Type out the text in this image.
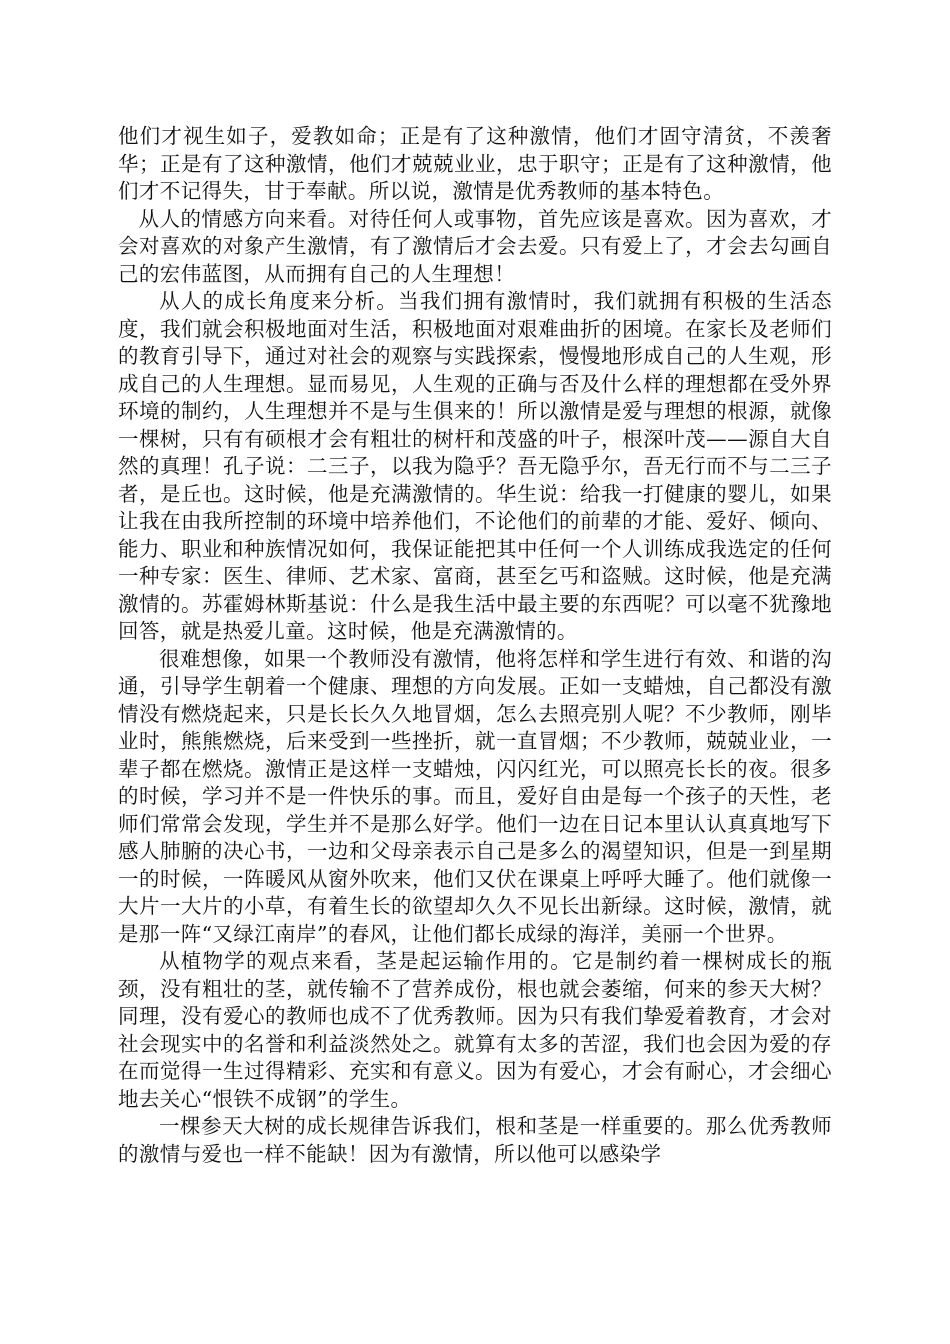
他们才视生如子，爱教如命；正是有了这种激情，他们才固守清贫，不羡奢华；正是有了这种激情，他们才兢兢业业，忠于职守；正是有了这种激情，他们才不记得失，甘于奉献。所以说，激情是优秀教师的基本特色。

从人的情感方向来看。对待任何人或事物，首先应该是喜欢。因为喜欢，才会对喜欢的对象产生激情，有了激情后才会去爱。只有爱上了，才会去勾画自己的宏伟蓝图，从而拥有自己的人生理想！

从人的成长角度来分析。当我们拥有激情时，我们就拥有积极的生活态度，我们就会积极地面对生活，积极地面对艰难曲折的困境。在家长及老师们的教育引导下，通过对社会的观察与实践探索，慢慢地形成自己的人生观，形成自己的人生理想。显而易见，人生观的正确与否及什么样的理想都在受外界环境的制约，人生理想并不是与生俱来的！所以激情是爱与理想的根源，就像一棵树，只有有硕根才会有粗壮的树杆和茂盛的叶子，根深叶茂——源自大自然的真理！孔子说：二三子，以我为隐乎？吾无隐乎尔，吾无行而不与二三子者，是丘也。这时候，他是充满激情的。华生说：给我一打健康的婴儿，如果让我在由我所控制的环境中培养他们，不论他们的前辈的才能、爱好、倾向、能力、职业和种族情况如何，我保证能把其中任何一个人训练成我选定的任何一种专家：医生、律师、艺术家、富商，甚至乞丐和盗贼。这时候，他是充满激情的。苏霍姆林斯基说：什么是我生活中最主要的东西呢？可以毫不犹豫地回答，就是热爱儿童。这时候，他是充满激情的。

很难想像，如果一个教师没有激情，他将怎样和学生进行有效、和谐的沟通，引导学生朝着一个健康、理想的方向发展。正如一支蜡烛，自己都没有激情没有燃烧起来，只是长长久久地冒烟，怎么去照亮别人呢？不少教师，刚毕业时，熊熊燃烧，后来受到一些挫折，就一直冒烟；不少教师，兢兢业业，一辈子都在燃烧。激情正是这样一支蜡烛，闪闪红光，可以照亮长长的夜。很多的时候，学习并不是一件快乐的事。而且，爱好自由是每一个孩子的天性，老师们常常会发现，学生并不是那么好学。他们一边在日记本里认认真真地写下感人肺腑的决心书，一边和父母亲表示自己是多么的渴望知识，但是一到星期一的时候，一阵暖风从窗外吹来，他们又伏在课桌上呼呼大睡了。他们就像一大片一大片的小草，有着生长的欲望却久久不见长出新绿。这时候，激情，就是那一阵“又绿江南岸”的春风，让他们都长成绿的海洋，美丽一个世界。

从植物学的观点来看，茎是起运输作用的。它是制约着一棵树成长的瓶颈，没有粗壮的茎，就传输不了营养成份，根也就会萎缩，何来的参天大树？同理，没有爱心的教师也成不了优秀教师。因为只有我们挚爱着教育，才会对社会现实中的名誉和利益淡然处之。就算有太多的苦涩，我们也会因为爱的存在而觉得一生过得精彩、充实和有意义。因为有爱心，才会有耐心，才会细心地去关心“恨铁不成钢”的学生。

一棵参天大树的成长规律告诉我们，根和茎是一样重要的。那么优秀教师的激情与爱也一样不能缺！因为有激情，所以他可以感染学
